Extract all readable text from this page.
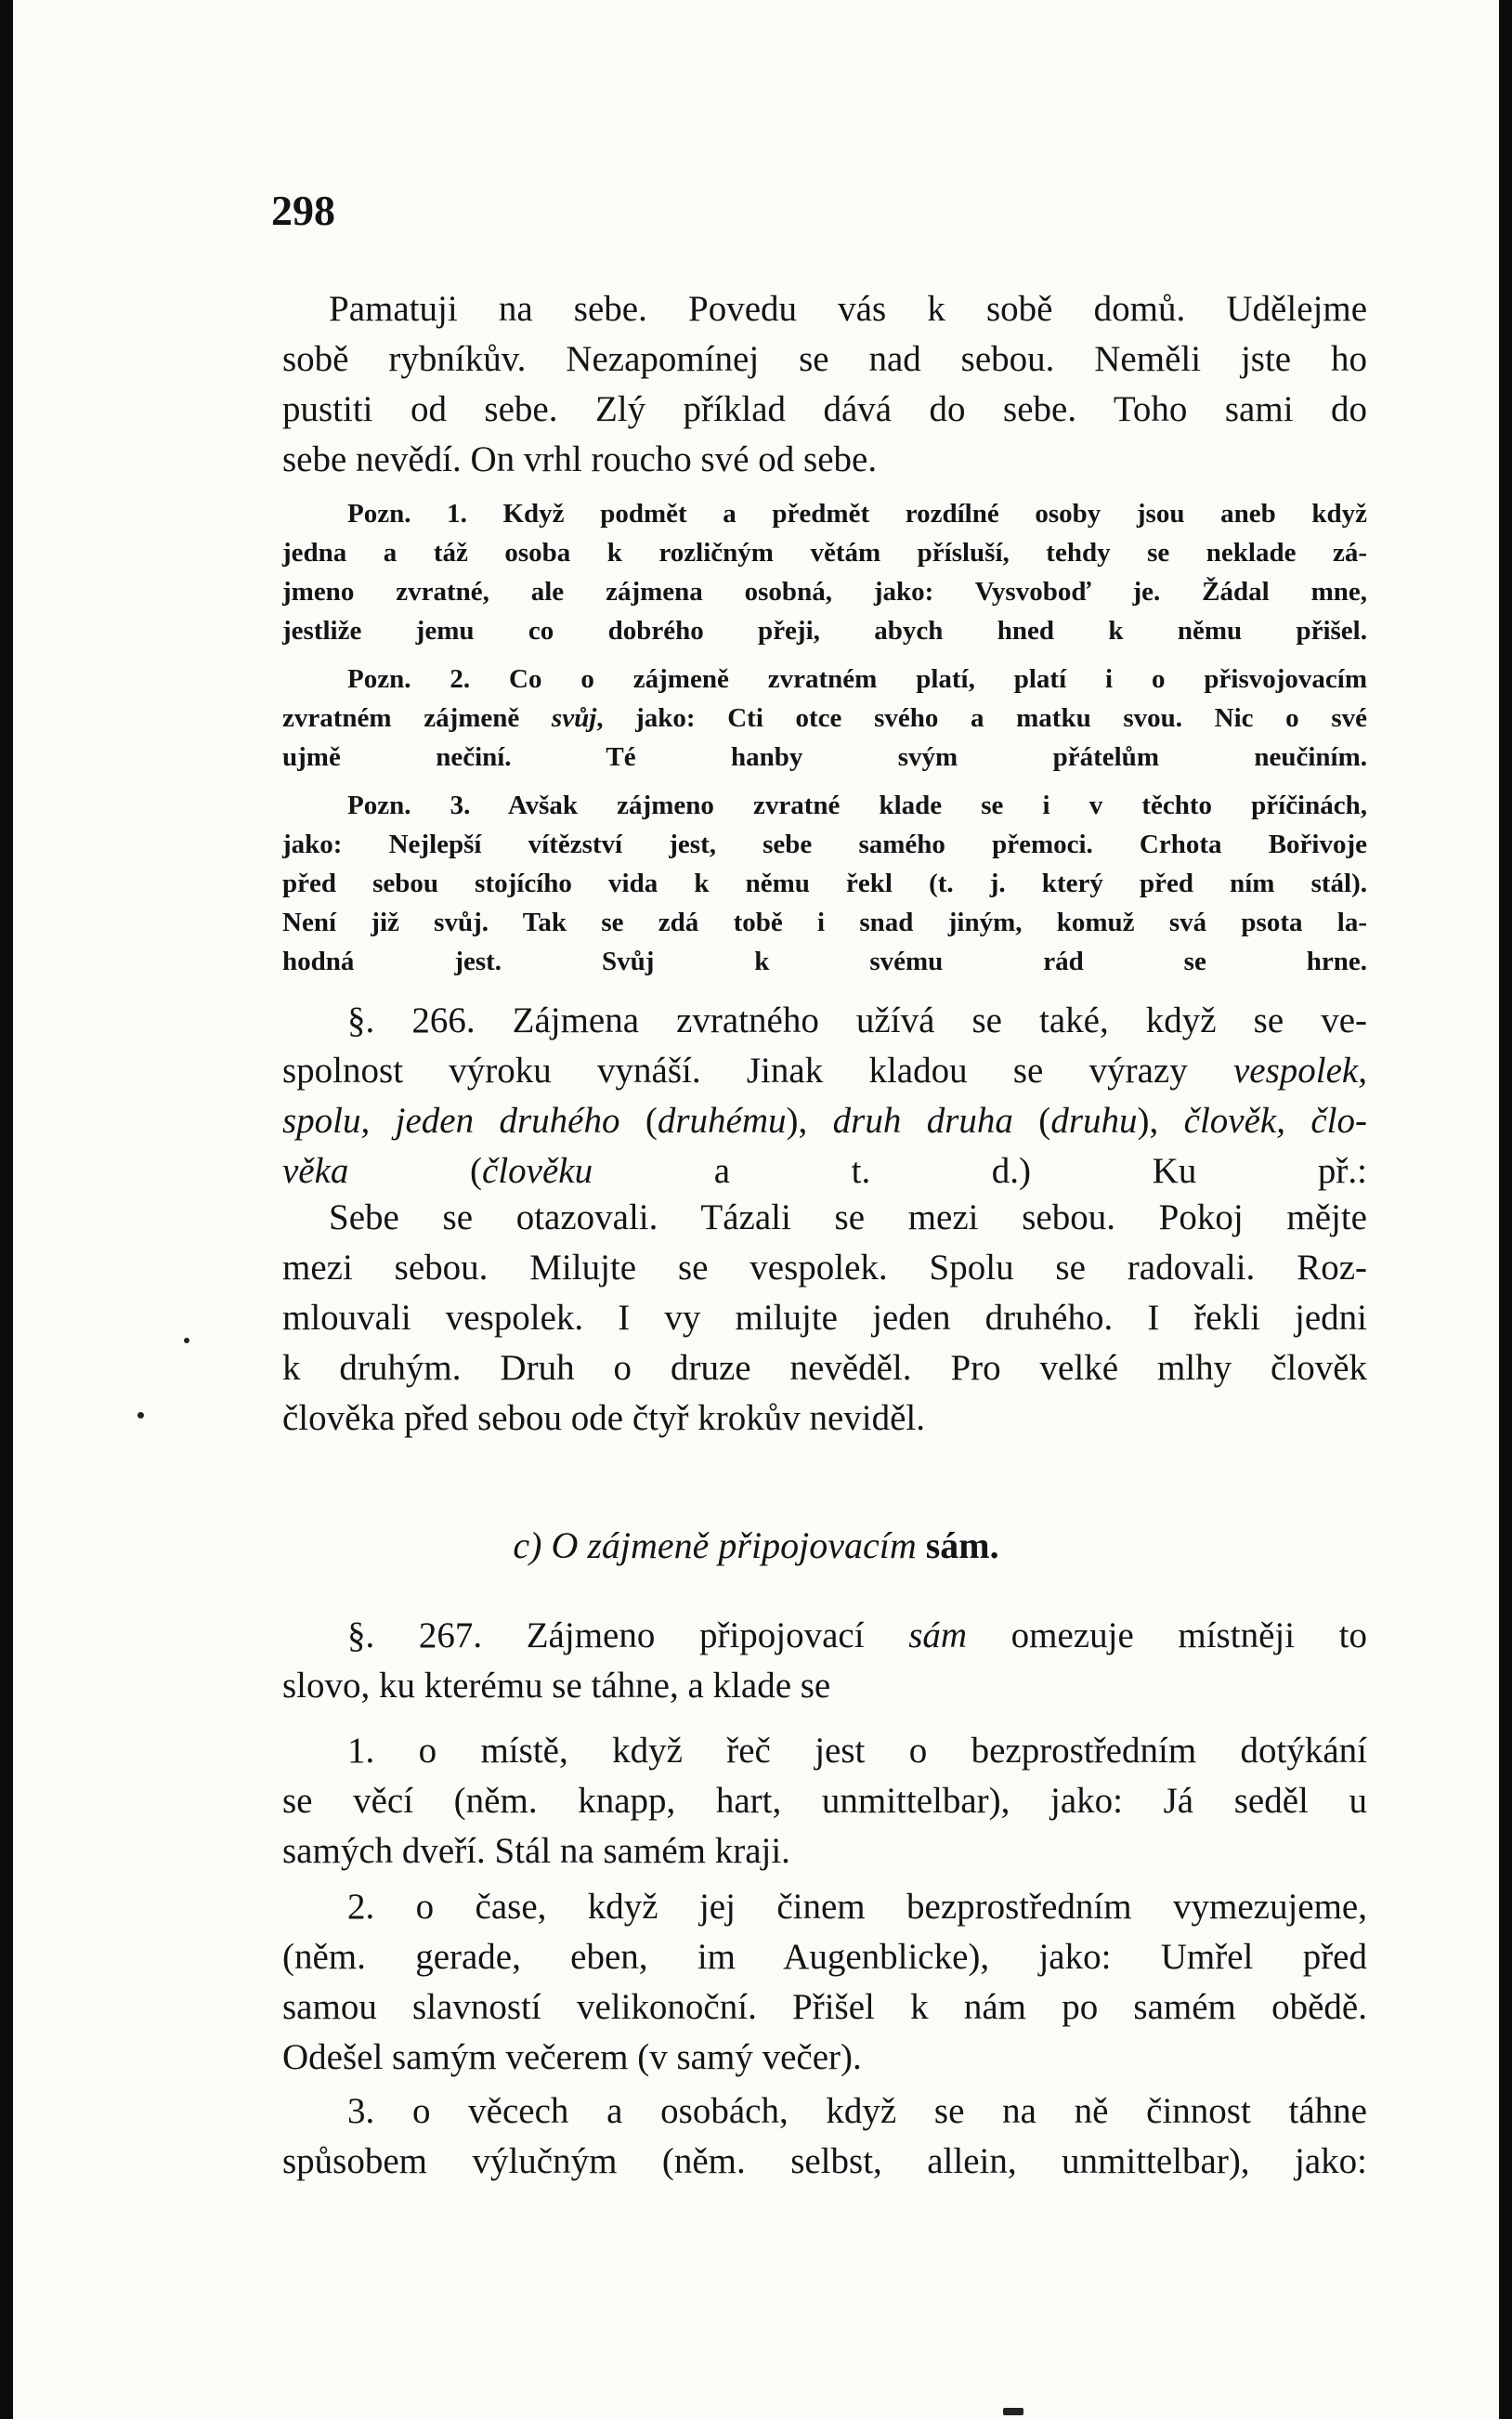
298
Pamatuji na sebe. Povedu vás k sobě domů. Udělejme
sobě rybníkův. Nezapomínej se nad sebou. Neměli jste ho
pustiti od sebe. Zlý příklad dává do sebe. Toho sami do
sebe nevědí. On vrhl roucho své od sebe.
Pozn. 1. Když podmět a předmět rozdílné osoby jsou aneb když
jedna a táž osoba k rozličným větám přísluší, tehdy se neklade zá-
jmeno zvratné, ale zájmena osobná, jako: Vysvoboď je. Žádal mne,
jestliže jemu co dobrého přeji, abych hned k němu přišel.
Pozn. 2. Co o zájmeně zvratném platí, platí i o přisvojovacím
zvratném zájmeně svůj, jako: Cti otce svého a matku svou. Nic o své
ujmě nečiní. Té hanby svým přátelům neučiním.
Pozn. 3. Avšak zájmeno zvratné klade se i v těchto příčinách,
jako: Nejlepší vítězství jest, sebe samého přemoci. Crhota Bořivoje
před sebou stojícího vida k němu řekl (t. j. který před ním stál).
Není již svůj. Tak se zdá tobě i snad jiným, komuž svá psota la-
hodná jest. Svůj k svému rád se hrne.
§. 266. Zájmena zvratného užívá se také, když se ve-
spolnost výroku vynáší. Jinak kladou se výrazy vespolek,
spolu, jeden druhého (druhému), druh druha (druhu), člověk, člo-
věka (člověku a t. d.) Ku př.:
Sebe se otazovali. Tázali se mezi sebou. Pokoj mějte
mezi sebou. Milujte se vespolek. Spolu se radovali. Roz-
mlouvali vespolek. I vy milujte jeden druhého. I řekli jedni
k druhým. Druh o druze nevěděl. Pro velké mlhy člověk
člověka před sebou ode čtyř krokův neviděl.
c) O zájmeně připojovacím sám.
§. 267. Zájmeno připojovací sám omezuje místněji to
slovo, ku kterému se táhne, a klade se
1. o místě, když řeč jest o bezprostředním dotýkání
se věcí (něm. knapp, hart, unmittelbar), jako: Já seděl u
samých dveří. Stál na samém kraji.
2. o čase, když jej činem bezprostředním vymezujeme,
(něm. gerade, eben, im Augenblicke), jako: Umřel před
samou slavností velikonoční. Přišel k nám po samém obědě.
Odešel samým večerem (v samý večer).
3. o věcech a osobách, když se na ně činnost táhne
spůsobem výlučným (něm. selbst, allein, unmittelbar), jako:
